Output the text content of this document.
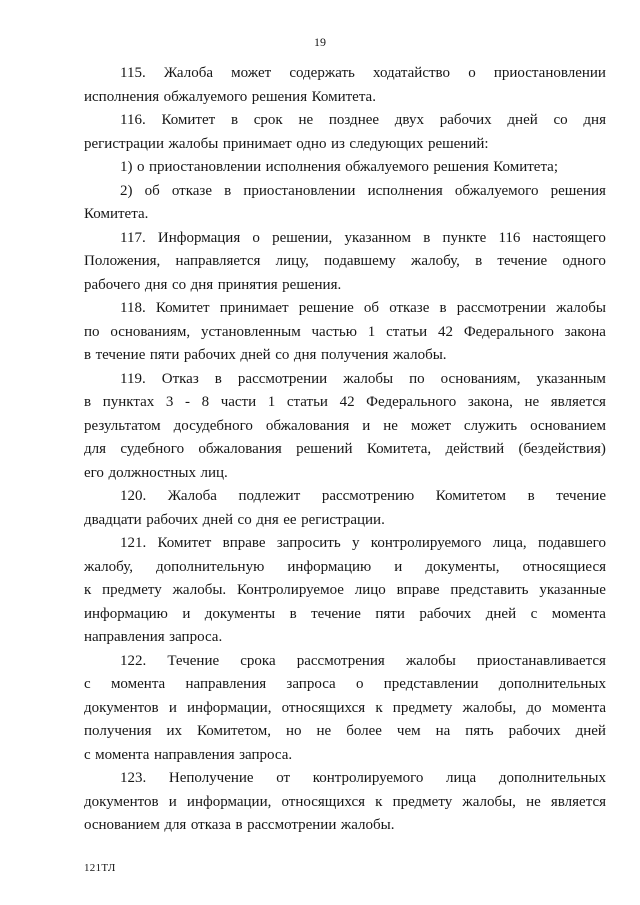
19
115. Жалоба может содержать ходатайство о приостановлении
исполнения обжалуемого решения Комитета.
116. Комитет в срок не позднее двух рабочих дней со дня
регистрации жалобы принимает одно из следующих решений:
1) о приостановлении исполнения обжалуемого решения Комитета;
2) об отказе в приостановлении исполнения обжалуемого решения
Комитета.
117. Информация о решении, указанном в пункте 116 настоящего
Положения, направляется лицу, подавшему жалобу, в течение одного
рабочего дня со дня принятия решения.
118. Комитет принимает решение об отказе в рассмотрении жалобы
по основаниям, установленным частью 1 статьи 42 Федерального закона
в течение пяти рабочих дней со дня получения жалобы.
119. Отказ в рассмотрении жалобы по основаниям, указанным
в пунктах 3 - 8 части 1 статьи 42 Федерального закона, не является
результатом досудебного обжалования и не может служить основанием
для судебного обжалования решений Комитета, действий (бездействия)
его должностных лиц.
120. Жалоба подлежит рассмотрению Комитетом в течение
двадцати рабочих дней со дня ее регистрации.
121. Комитет вправе запросить у контролируемого лица, подавшего
жалобу, дополнительную информацию и документы, относящиеся
к предмету жалобы. Контролируемое лицо вправе представить указанные
информацию и документы в течение пяти рабочих дней с момента
направления запроса.
122. Течение срока рассмотрения жалобы приостанавливается
с момента направления запроса о представлении дополнительных
документов и информации, относящихся к предмету жалобы, до момента
получения их Комитетом, но не более чем на пять рабочих дней
с момента направления запроса.
123. Неполучение от контролируемого лица дополнительных
документов и информации, относящихся к предмету жалобы, не является
основанием для отказа в рассмотрении жалобы.
121ТЛ
